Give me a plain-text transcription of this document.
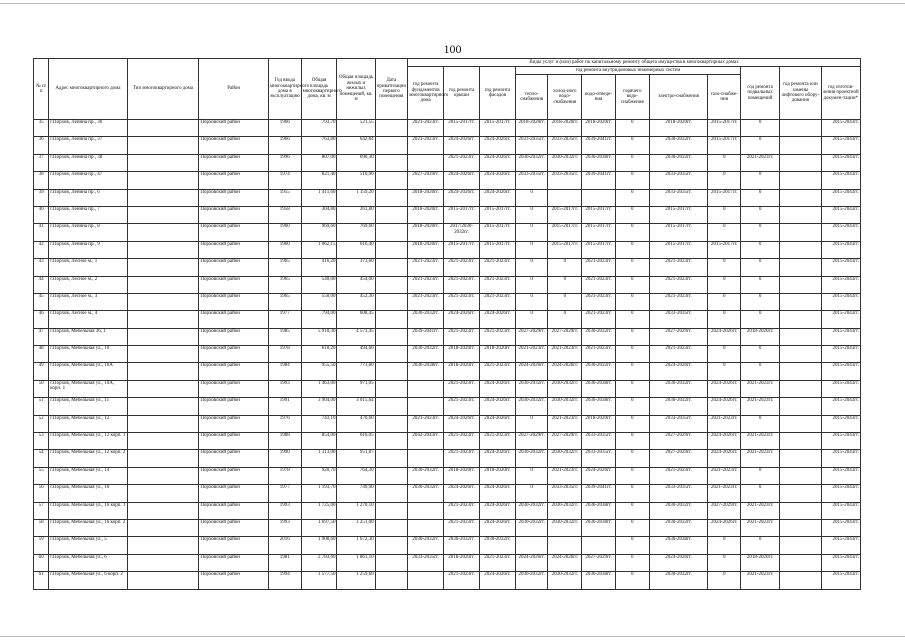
100
№ п/п	Адрес многоквартирного дома	Тип многоквартирного дома	Район	Год ввода многоквартирного дома в эксплуатацию	Общая площадь многоквартирного дома, кв. м	Общая площадь жилых и нежилых помещений, кв. м	Дата приватизации первого помещения	Виды услуг и (или) работ по капитальному ремонту общего имущества в многоквартирных домах											
								год ремонта фундаментов многоквартирного дома	год ремонта крыши	год ремонта фасадов	год ремонта внутридомовых инженерных систем						год ремонта подвальных помещений	год ремонта или замены лифтового обору-дования	год изготов-ления проектной докумен-тации*
											тепло-снабжения	холод-ного водо-снабжения	водо-отведе-ния	горячего водо-снабжения	электро-снабжения	газо-снабже-ния			
35	г.Порхов, Ленина пр., 36		Порховский район	1966	793,70	521,55		2021-2023гг.	2015-2017гг.	2015-2017гг.	2018-2020гг.	2018-2020гг.	2018-2020гг.	0	2018-2020гг.	2015-2017гг.	0		2015-2043гг.
36	г.Порхов, Ленина пр., 37		Порховский район	1966	763,80	642,84		2021-2023гг.	2024-2026гг.	2024-2026гг.	2033-2035гг.	2033-2035гг.	2039-2041гг.	0	2030-2032гг.	2015-2017гг.	0		2015-2043гг.
37	г.Порхов, Ленина пр., 38		Порховский район	1996	807,00	690,30			2021-2023гг.	2024-2026гг.	2030-2032гг.	2030-2032гг.	2036-2038гг.	0	2030-2032гг.	0	2021-2023гг.		2015-2043гг.
38	г.Порхов, Ленина пр., 47		Порховский район	1974	821,40	510,90		2027-2029гг.	2024-2026гг.	2024-2026гг.	2033-2035гг.	2033-2035гг.	2039-2041гг.	0	2033-2035гг.	0	0		2015-2043гг.
39	г.Порхов, Ленина пр., 6		Порховский район	1955	1 411,60	1 159,20		2018-2020гг.	2024-2026гг.	2024-2026гг.	0			0	2033-2035гг.	2015-2017гг.	0		2015-2043гг.
40	г.Порхов, Ленина пр., 7		Порховский район	1958	304,80	261,80		2018-2020гг.	2015-2017гг.	2015-2017гг.	0	2015-2017гг.	2015-2017гг.	0	2015-2017гг.	0	0		2015-2043гг.
41	г.Порхов, Ленина пр., 8		Порховский район	1960	969,60	769,60		2018-2020гг.	2017/2030-2032гг.	2015-2017гг.	0	2015-2017гг.	2015-2017гг.	0	2015-2017гг.	0	0		2015-2043гг.
42	г.Порхов, Ленина пр., 9		Порховский район	1960	1 062,15	616,40		2018-2020гг.	2015-2017гг.	2015-2017гг.	0	2015-2017гг.	2015-2017гг.	0	2015-2017гг.	2015-2017гг.	0		2015-2043гг.
43	г.Порхов, Лесное м., 1		Порховский район	1965	416,20	373,60		2021-2023гг.	2021-2023гг.	2021-2023гг.	0	0	2021-2023гг.	0	2021-2023гг.	0	0		2015-2043гг.
44	г.Порхов, Лесное м., 2		Порховский район	1965	540,00	454,00		2021-2023гг.	2021-2023гг.	2021-2023гг.	0	0	2021-2023гг.	0	2021-2023гг.	0	0		2015-2043гг.
45	г.Порхов, Лесное м., 3		Порховский район	1965	550,00	452,30		2021-2023гг.	2021-2023гг.	2021-2023гг.	0	0	2021-2023гг.	0	2021-2023гг.	0	0		2015-2043гг.
46	г.Порхов, Лесное м., 4		Порховский район	1977	794,00	608,45		2030-2032гг.	2024-2026гг.	2024-2026гг.	0	0	2021-2023гг.	0	2033-2035гг.	0	0		2015-2043гг.
47	г.Порхов, Мебельная 36, 1		Порховский район	1985	5 910,30	4 571,45		2039-2041гг.	2021-2023гг.	2021-2023гг.	2027-2029гг.	2027-2029гг.	2030-2032гг.	0	2027-2029гг.	2024-2026гг.	2018-2020гг.		2015-2043гг.
48	г.Порхов, Мебельная ул., 10		Порховский район	1978	610,20	494,60		2030-2032гг.	2018-2020гг.	2018-2020гг.	2021-2023гг.	2021-2023гг.	2021-2023гг.	0	2021-2023гг.	0	0		2015-2043гг.
49	г.Порхов, Мебельная ул., 10А		Порховский район	1984	955,50	771,80		2036-2038гг.	2018-2020гг.	2021-2023гг.	2024-2026гг.	2024-2026гг.	2030-2032гг.	0	2024-2026гг.	0	0		2015-2043гг.
50	г.Порхов, Мебельная ул., 10А, корп. 1		Порховский район	1993	1 463,00	971,05			2021-2023гг.	2024-2026гг.	2030-2032гг.	2030-2032гг.	2036-2038гг.	0	2030-2032гг.	2024-2026гг.	2021-2023гг.		2015-2043гг.
51	г.Порхов, Мебельная ул., 11		Порховский район	1991	3 904,00	3 015,64			2021-2023гг.	2024-2026гг.	2030-2032гг.	2030-2032гг.	2036-2038гг.	0	2030-2032гг.	2024-2026гг.	2021-2023гг.		2015-2043гг.
52	г.Порхов, Мебельная ул., 12		Порховский район	1976	743,10	470,60		2021-2023гг.	2024-2026гг.	2024-2026гг.	0	2021-2023гг.	2018-2020гг.	0	2033-2035гг.	2021-2023гг.	0		2015-2043гг.
53	г.Порхов, Мебельная ул., 12 корп. 1		Порховский район	1988	854,00	616,05		2042-2043гг.	2021-2023гг.	2021-2023гг.	2027-2029гг.	2027-2029гг.	2033-2035гг.	0	2027-2029гг.	2024-2026гг.	2021-2023гг.		2015-2043гг.
54	г.Порхов, Мебельная ул., 12 корп. 2		Порховский район	1990	1 313,00	951,87			2021-2023гг.	2024-2026гг.	2030-2032гг.	2030-2032гг.	2033-2035гг.	0	2027-2029гг.	2024-2026гг.	2021-2023гг.		2015-2043гг.
55	г.Порхов, Мебельная ул., 14		Порховский район	1978	920,70	764,30		2030-2032гг.	2018-2020гг.	2018-2020гг.	0	2021-2023гг.	2024-2026гг.	0	2021-2023гг.	2021-2023гг.	0		2015-2043гг.
56	г.Порхов, Мебельная ул., 16		Порховский район	1977	1 193,70	749,90		2030-2032гг.	2024-2026гг.	2024-2026гг.	0	2033-2035гг.	2039-2041гг.	0	2033-2035гг.	2021-2023гг.	0		2015-2043гг.
57	г.Порхов, Мебельная ул., 16 корп. 1		Порховский район	1993	1 725,00	1 270,10			2021-2023гг.	2024-2026гг.	2030-2032гг.	2030-2032гг.	2036-2038гг.	0	2030-2032гг.	2027-2029гг.	2021-2023гг.		2015-2043гг.
58	г.Порхов, Мебельная ул., 16 корп. 2		Порховский район	1993	1 697,50	1 251,00			2021-2023гг.	2024-2026гг.	2030-2032гг.	2030-2032гг.	2036-2038гг.	0	2030-2032гг.	2024-2026гг.	2021-2023гг.		2015-2043гг.
59	г.Порхов, Мебельная ул., 5		Порховский район	2016	1 908,60	1 672,30		2030-2032гг.	2030-2032гг.	2030-2032гг.				0	2036-2038гг.	0	0		2015-2043гг.
60	г.Порхов, Мебельная ул., 6		Порховский район	1981	2 783,60	1 861,10		2033-2035гг.	2018-2020гг.	2021-2023гг.	2024-2026гг.	2024-2026гг.	2027-2029гг.	0	2024-2026гг.	0	2018-2020гг.		2015-2043гг.
61	г.Порхов, Мебельная ул., 6 корп. 2		Порховский район	1994	1 577,50	1 259,60			2021-2023гг.	2024-2026гг.	2030-2032гг.	2030-2032гг.	2036-2038гг.	0	2030-2032гг.	0	2021-2023гг.		2015-2043гг.
